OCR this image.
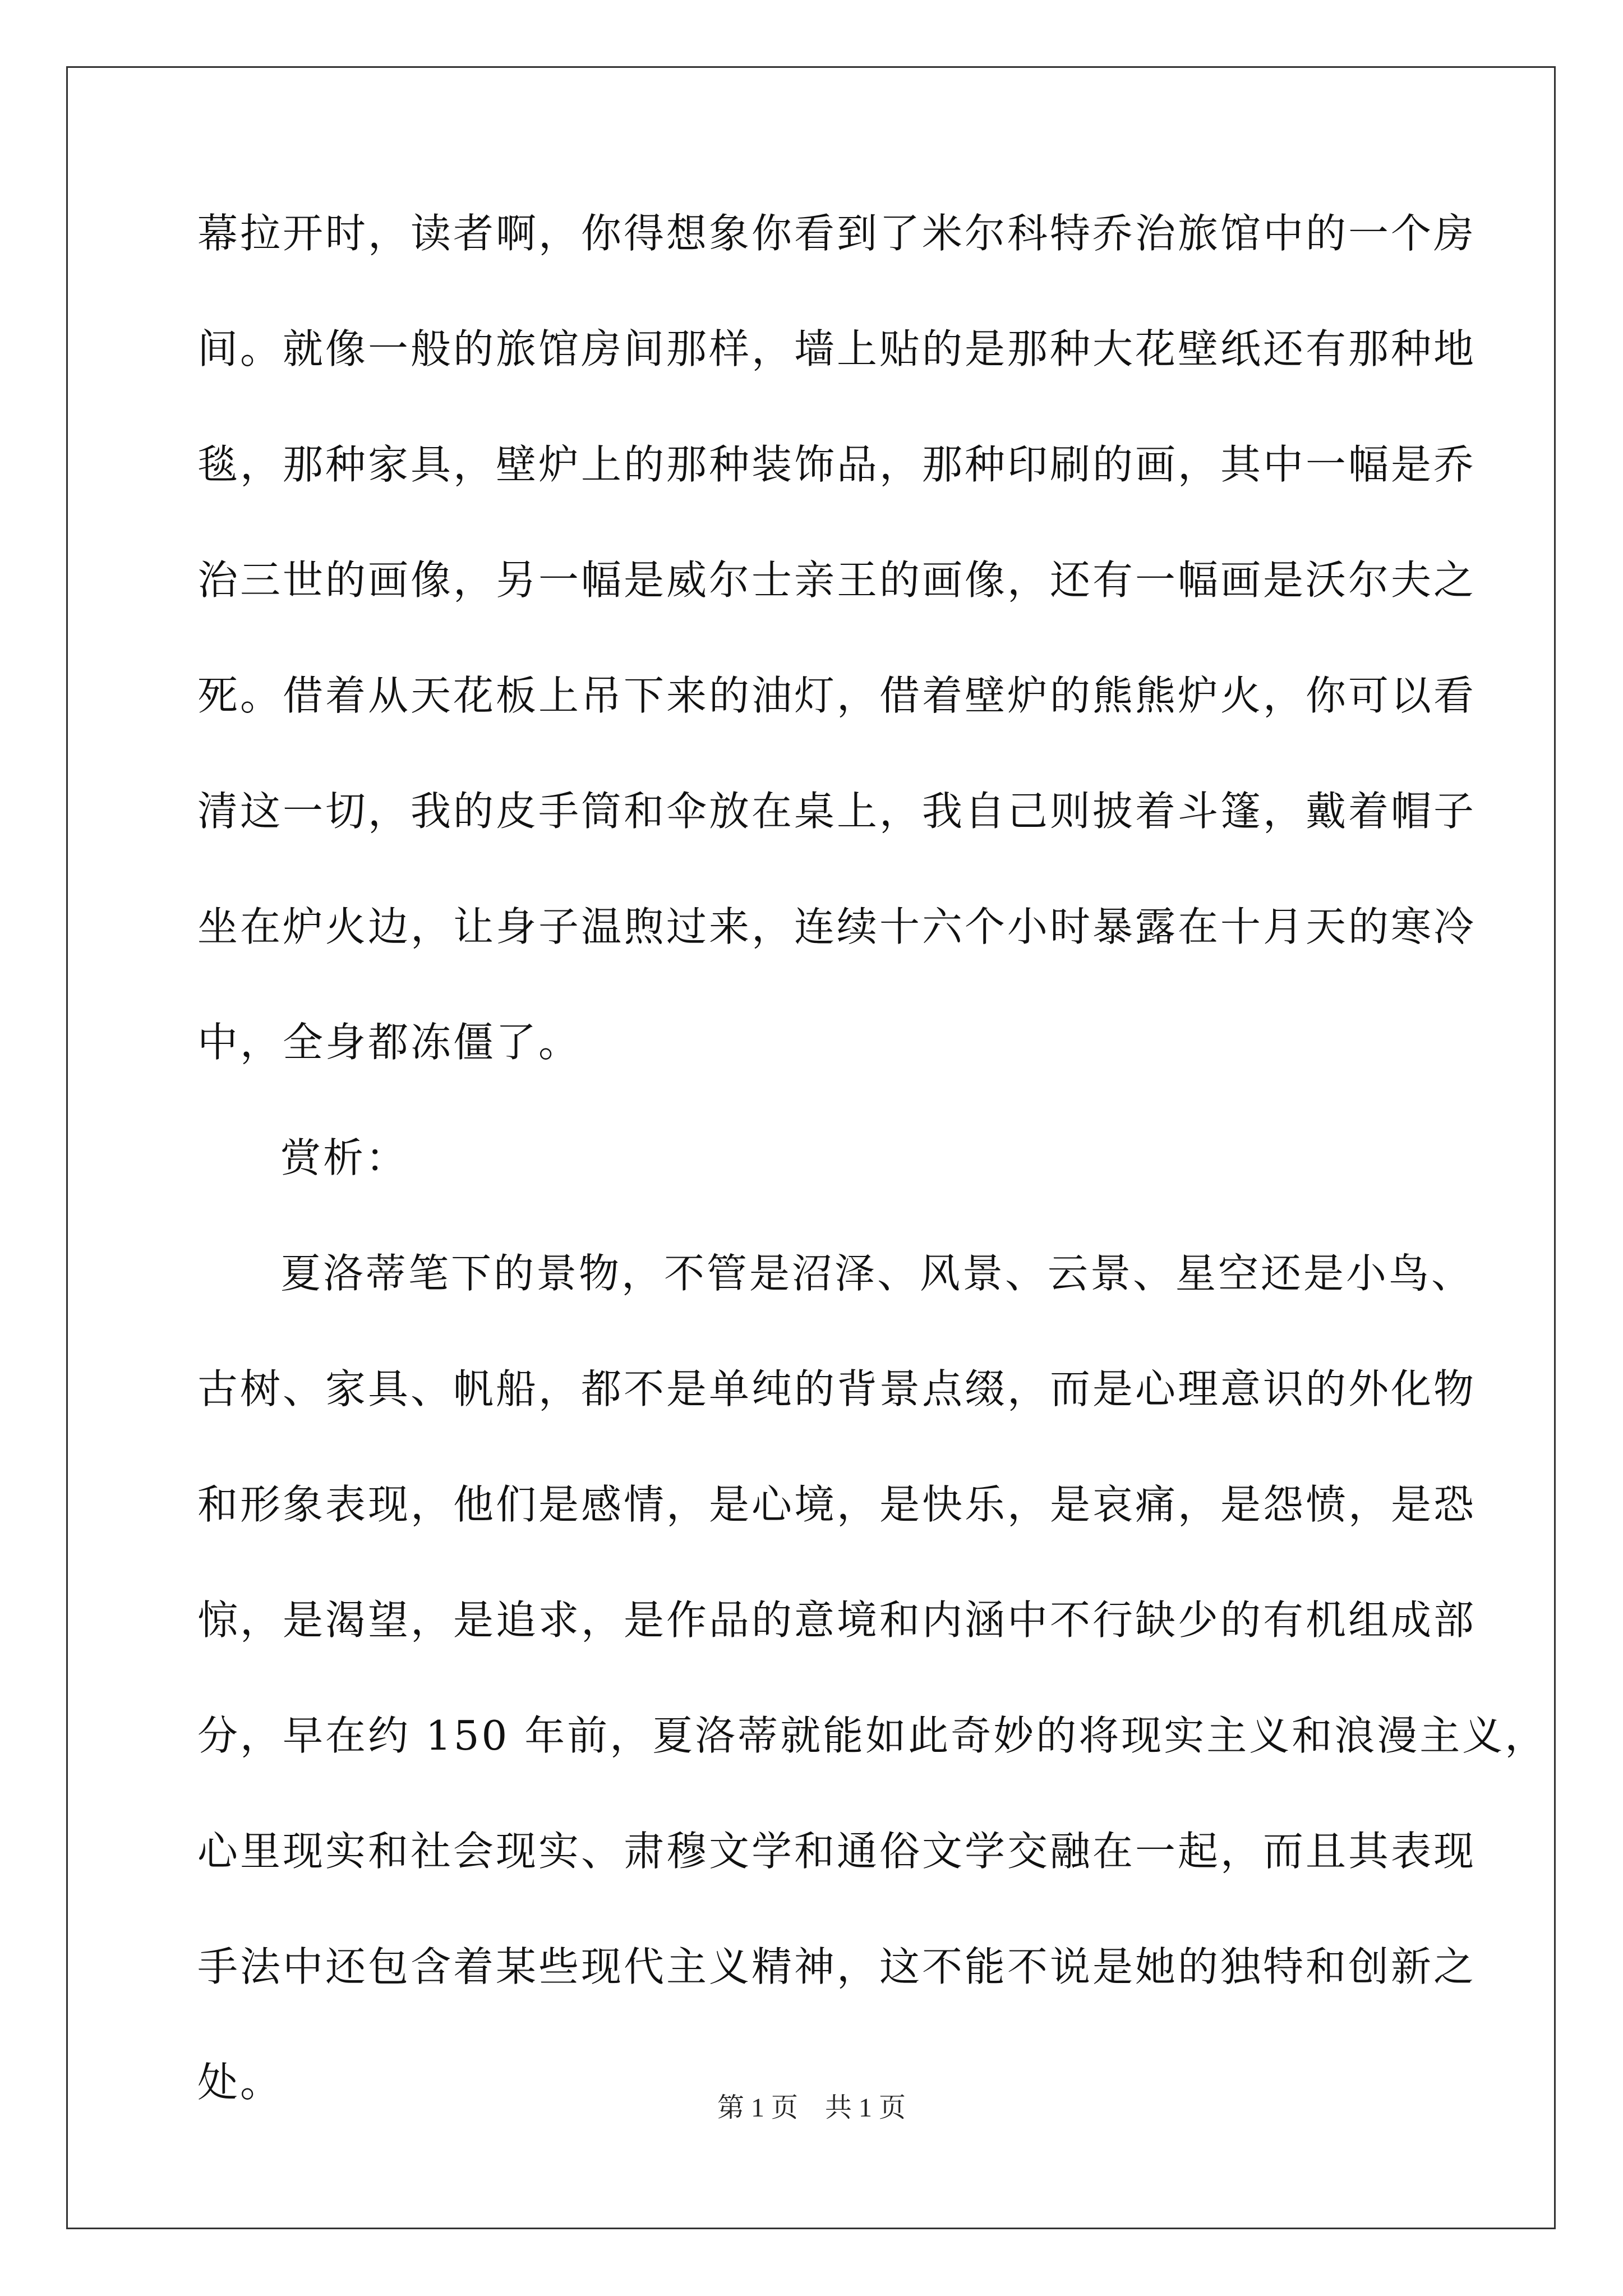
幕拉开时，读者啊，你得想象你看到了米尔科特乔治旅馆中的一个房
间。就像一般的旅馆房间那样，墙上贴的是那种大花壁纸还有那种地
毯，那种家具，壁炉上的那种装饰品，那种印刷的画，其中一幅是乔
治三世的画像，另一幅是威尔士亲王的画像，还有一幅画是沃尔夫之
死。借着从天花板上吊下来的油灯，借着壁炉的熊熊炉火，你可以看
清这一切，我的皮手筒和伞放在桌上，我自己则披着斗篷，戴着帽子
坐在炉火边，让身子温煦过来，连续十六个小时暴露在十月天的寒冷
中，全身都冻僵了。
赏析：
夏洛蒂笔下的景物，不管是沼泽、风景、云景、星空还是小鸟、
古树、家具、帆船，都不是单纯的背景点缀，而是心理意识的外化物
和形象表现，他们是感情，是心境，是快乐，是哀痛，是怨愤，是恐
惊，是渴望，是追求，是作品的意境和内涵中不行缺少的有机组成部
分，早在约 150 年前，夏洛蒂就能如此奇妙的将现实主义和浪漫主义，
心里现实和社会现实、肃穆文学和通俗文学交融在一起，而且其表现
手法中还包含着某些现代主义精神，这不能不说是她的独特和创新之
处。
第 1 页 共 1 页
